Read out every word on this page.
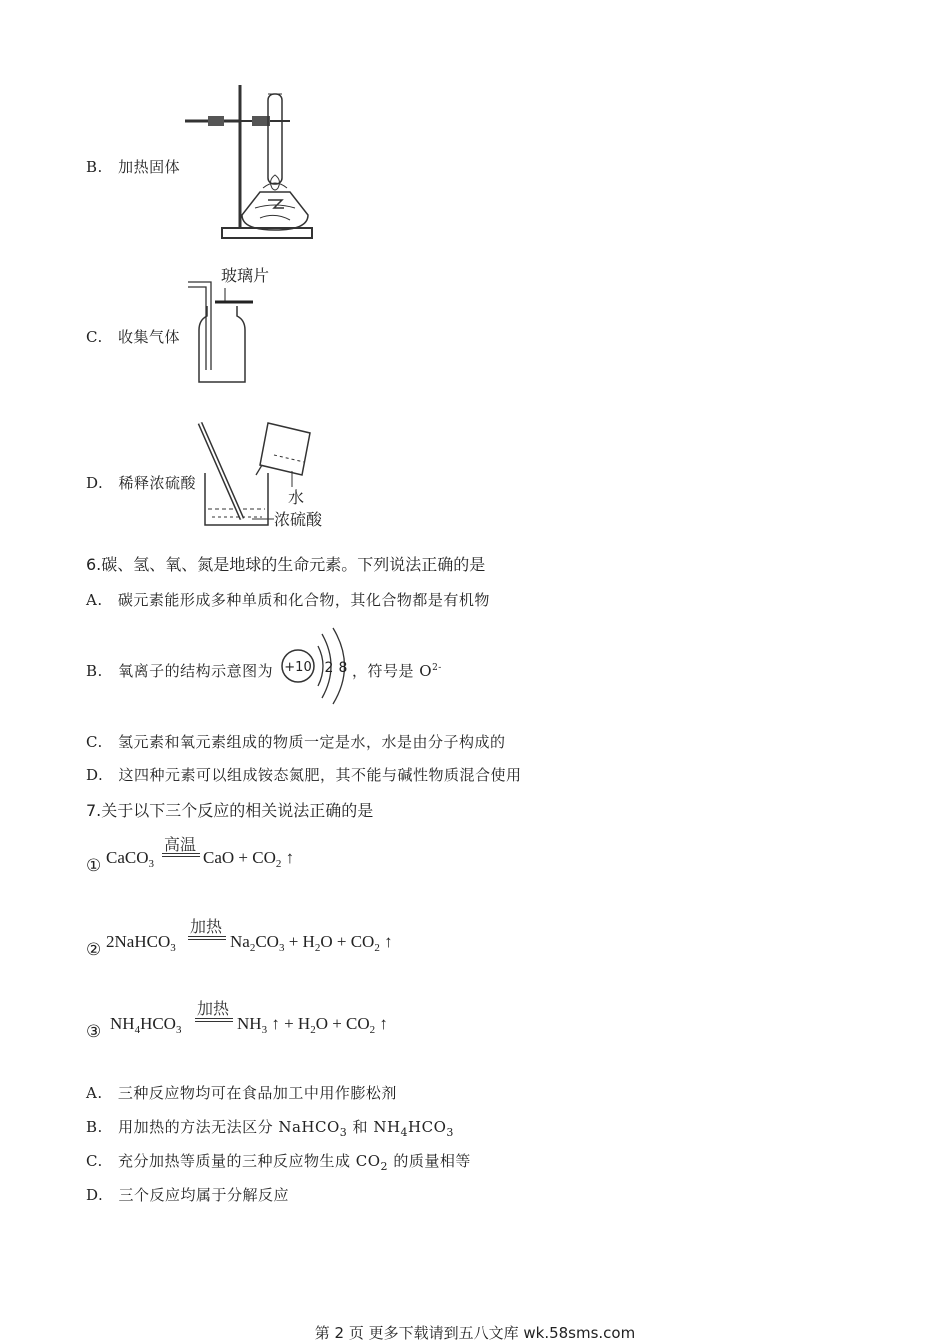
B. 加热固体
C. 收集气体
玻璃片
D. 稀释浓硫酸
水
浓硫酸
6.碳、氢、氧、氮是地球的生命元素。下列说法正确的是
A. 碳元素能形成多种单质和化合物，其化合物都是有机物
B. 氧离子的结构示意图为 +10 2 8 ，符号是 $O^{2-}$
C. 氢元素和氧元素组成的物质一定是水，水是由分子构成的
D. 这四种元素可以组成铵态氮肥，其不能与碱性物质混合使用
7.关于以下三个反应的相关说法正确的是
① CaCO$_3$
高温
CaO + $CO_2$ ↑
② 2NaHCO$_3$
加热
$Na_2CO_3 + H_2O + CO_2$ ↑
③ $NH_4HCO_3$
加热
$NH_3$ ↑ + $H_2O + CO_2$ ↑
A. 三种反应物均可在食品加工中用作膨松剂
B. 用加热的方法无法区分 NaHCO$_3$ 和 $NH_4HCO_3$
C. 充分加热等质量的三种反应物生成 $CO_2$ 的质量相等
D. 三个反应均属于分解反应
第 2 页 更多下载请到五八文库 wk.58sms.com
